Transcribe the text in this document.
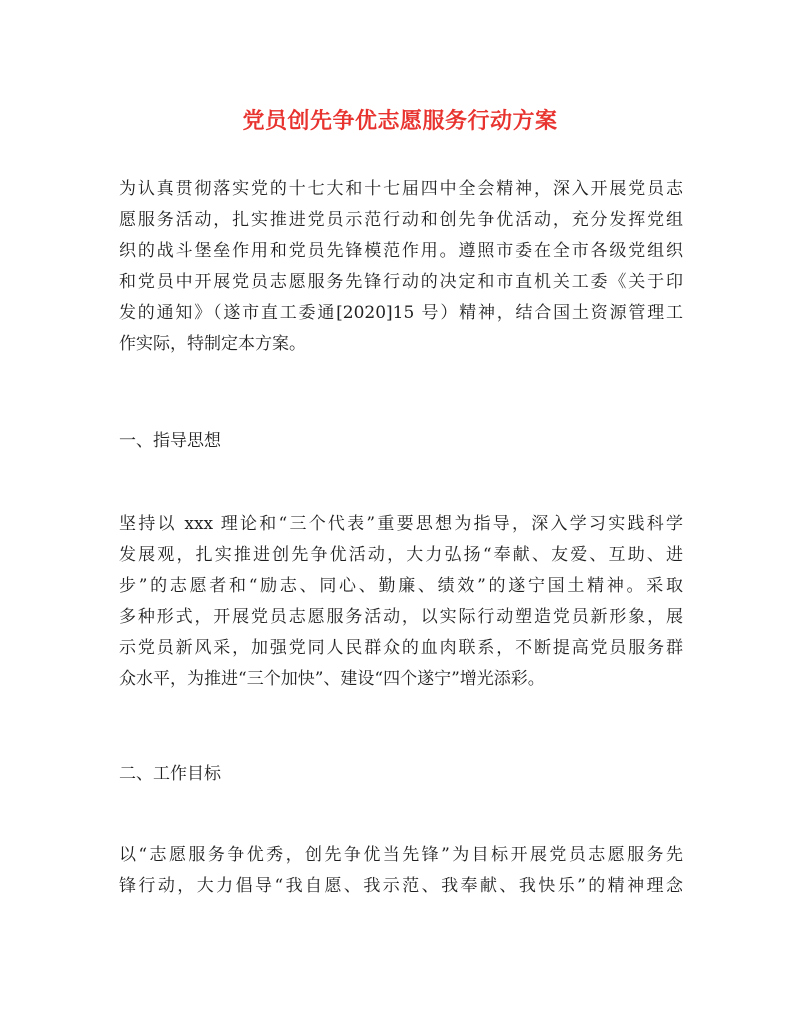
党员创先争优志愿服务行动方案
为认真贯彻落实党的十七大和十七届四中全会精神，深入开展党员志
愿服务活动，扎实推进党员示范行动和创先争优活动，充分发挥党组
织的战斗堡垒作用和党员先锋模范作用。遵照市委在全市各级党组织
和党员中开展党员志愿服务先锋行动的决定和市直机关工委《关于印
发的通知》（遂市直工委通[2020]15 号）精神，结合国土资源管理工
作实际，特制定本方案。
一、指导思想
坚持以 xxx 理论和“三个代表”重要思想为指导，深入学习实践科学
发展观，扎实推进创先争优活动，大力弘扬“奉献、友爱、互助、进
步”的志愿者和“励志、同心、勤廉、绩效”的遂宁国土精神。采取
多种形式，开展党员志愿服务活动，以实际行动塑造党员新形象，展
示党员新风采，加强党同人民群众的血肉联系，不断提高党员服务群
众水平，为推进“三个加快”、建设“四个遂宁”增光添彩。
二、工作目标
以“志愿服务争优秀，创先争优当先锋”为目标开展党员志愿服务先
锋行动，大力倡导“我自愿、我示范、我奉献、我快乐”的精神理念
